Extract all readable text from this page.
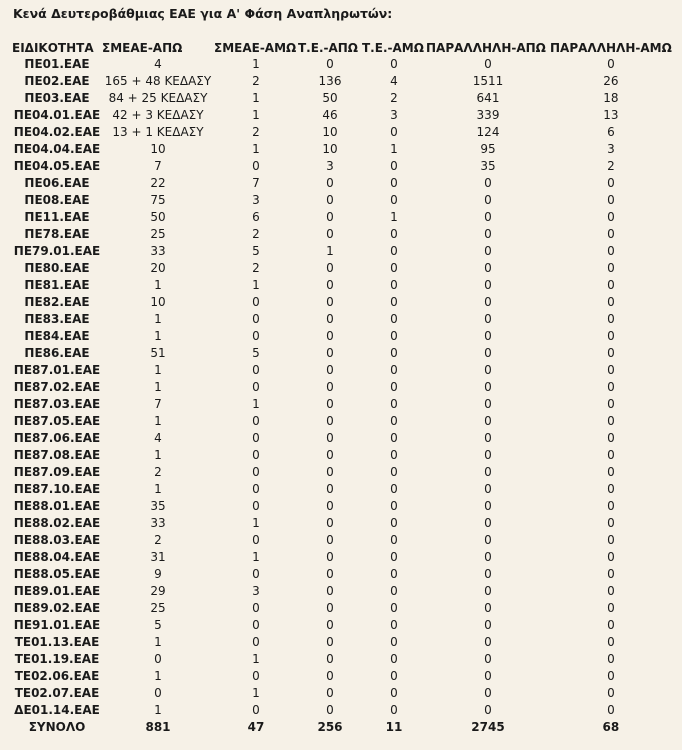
Κενά Δευτεροβάθμιας ΕΑΕ για Α' Φάση Αναπληρωτών:
ΕΙΔΙΚΟΤΗΤΑ	ΣΜΕΑΕ-ΑΠΩ	ΣΜΕΑΕ-ΑΜΩ	Τ.Ε.-ΑΠΩ	Τ.Ε.-ΑΜΩ	ΠΑΡΑΛΛΗΛΗ-ΑΠΩ	ΠΑΡΑΛΛΗΛΗ-ΑΜΩ
ΠΕ01.ΕΑΕ	4	1	0	0	0	0
ΠΕ02.ΕΑΕ	165 + 48 ΚΕΔΑΣΥ	2	136	4	1511	26
ΠΕ03.ΕΑΕ	84 + 25 ΚΕΔΑΣΥ	1	50	2	641	18
ΠΕ04.01.ΕΑΕ	42 + 3 ΚΕΔΑΣΥ	1	46	3	339	13
ΠΕ04.02.ΕΑΕ	13 + 1 ΚΕΔΑΣΥ	2	10	0	124	6
ΠΕ04.04.ΕΑΕ	10	1	10	1	95	3
ΠΕ04.05.ΕΑΕ	7	0	3	0	35	2
ΠΕ06.ΕΑΕ	22	7	0	0	0	0
ΠΕ08.ΕΑΕ	75	3	0	0	0	0
ΠΕ11.ΕΑΕ	50	6	0	1	0	0
ΠΕ78.ΕΑΕ	25	2	0	0	0	0
ΠΕ79.01.ΕΑΕ	33	5	1	0	0	0
ΠΕ80.ΕΑΕ	20	2	0	0	0	0
ΠΕ81.ΕΑΕ	1	1	0	0	0	0
ΠΕ82.ΕΑΕ	10	0	0	0	0	0
ΠΕ83.ΕΑΕ	1	0	0	0	0	0
ΠΕ84.ΕΑΕ	1	0	0	0	0	0
ΠΕ86.ΕΑΕ	51	5	0	0	0	0
ΠΕ87.01.ΕΑΕ	1	0	0	0	0	0
ΠΕ87.02.ΕΑΕ	1	0	0	0	0	0
ΠΕ87.03.ΕΑΕ	7	1	0	0	0	0
ΠΕ87.05.ΕΑΕ	1	0	0	0	0	0
ΠΕ87.06.ΕΑΕ	4	0	0	0	0	0
ΠΕ87.08.ΕΑΕ	1	0	0	0	0	0
ΠΕ87.09.ΕΑΕ	2	0	0	0	0	0
ΠΕ87.10.ΕΑΕ	1	0	0	0	0	0
ΠΕ88.01.ΕΑΕ	35	0	0	0	0	0
ΠΕ88.02.ΕΑΕ	33	1	0	0	0	0
ΠΕ88.03.ΕΑΕ	2	0	0	0	0	0
ΠΕ88.04.ΕΑΕ	31	1	0	0	0	0
ΠΕ88.05.ΕΑΕ	9	0	0	0	0	0
ΠΕ89.01.ΕΑΕ	29	3	0	0	0	0
ΠΕ89.02.ΕΑΕ	25	0	0	0	0	0
ΠΕ91.01.ΕΑΕ	5	0	0	0	0	0
ΤΕ01.13.ΕΑΕ	1	0	0	0	0	0
ΤΕ01.19.ΕΑΕ	0	1	0	0	0	0
ΤΕ02.06.ΕΑΕ	1	0	0	0	0	0
ΤΕ02.07.ΕΑΕ	0	1	0	0	0	0
ΔΕ01.14.ΕΑΕ	1	0	0	0	0	0
ΣΥΝΟΛΟ	881	47	256	11	2745	68
